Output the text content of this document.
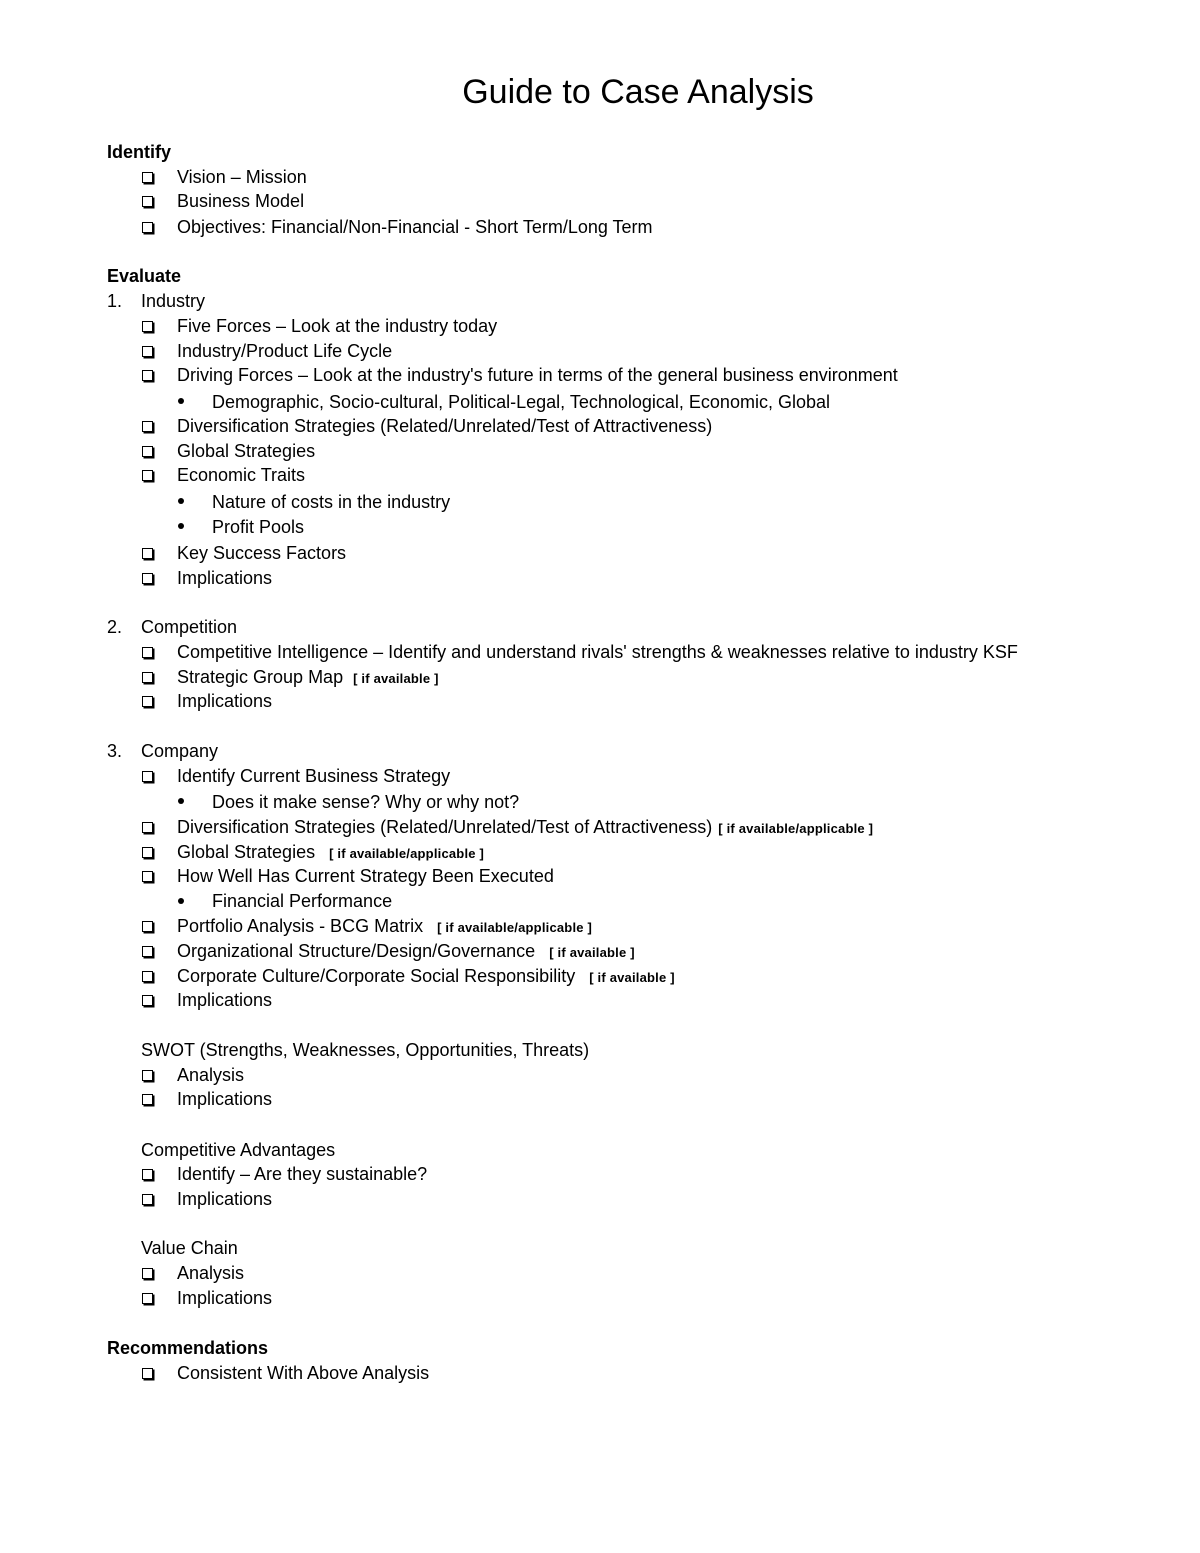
Guide to Case Analysis
Identify
Vision – Mission
Business Model
Objectives: Financial/Non-Financial - Short Term/Long Term
Evaluate
1. Industry
Five Forces – Look at the industry today
Industry/Product Life Cycle
Driving Forces – Look at the industry's future in terms of the general business environment
Demographic, Socio-cultural, Political-Legal, Technological, Economic, Global
Diversification Strategies (Related/Unrelated/Test of Attractiveness)
Global Strategies
Economic Traits
Nature of costs in the industry
Profit Pools
Key Success Factors
Implications
2. Competition
Competitive Intelligence – Identify and understand rivals' strengths & weaknesses relative to industry KSF
Strategic Group Map [ if available ]
Implications
3. Company
Identify Current Business Strategy
Does it make sense? Why or why not?
Diversification Strategies (Related/Unrelated/Test of Attractiveness) [ if available/applicable ]
Global Strategies [ if available/applicable ]
How Well Has Current Strategy Been Executed
Financial Performance
Portfolio Analysis - BCG Matrix [ if available/applicable ]
Organizational Structure/Design/Governance [ if available ]
Corporate Culture/Corporate Social Responsibility [ if available ]
Implications
SWOT (Strengths, Weaknesses, Opportunities, Threats)
Analysis
Implications
Competitive Advantages
Identify – Are they sustainable?
Implications
Value Chain
Analysis
Implications
Recommendations
Consistent With Above Analysis
